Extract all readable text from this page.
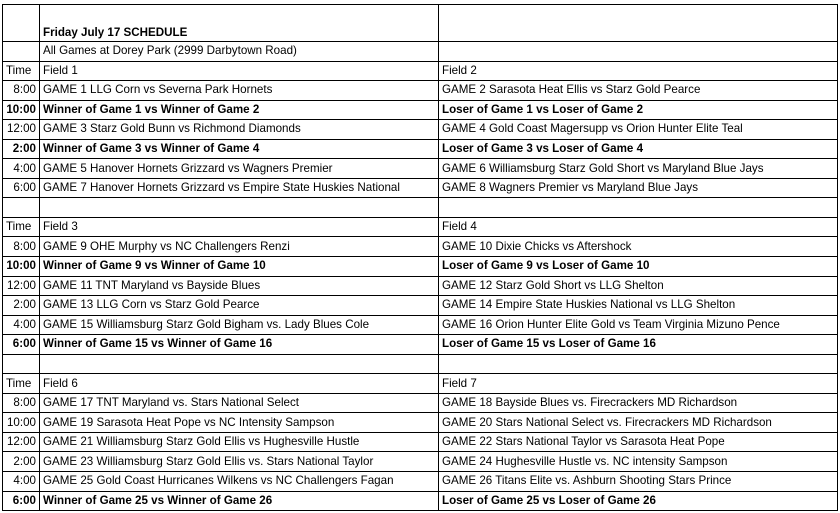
	Friday July 17 SCHEDULE	
	All Games at Dorey Park (2999 Darbytown Road)	
Time	Field 1	Field 2
8:00	GAME 1 LLG Corn vs Severna Park Hornets	GAME 2 Sarasota Heat Ellis vs Starz Gold Pearce
10:00	Winner of Game 1 vs Winner of Game 2	Loser of Game 1 vs Loser of Game 2
12:00	GAME 3 Starz Gold Bunn vs Richmond Diamonds	GAME 4 Gold Coast Magersupp vs Orion Hunter Elite Teal
2:00	Winner of Game 3 vs Winner of Game 4	Loser of Game 3 vs Loser of Game 4
4:00	GAME 5 Hanover Hornets Grizzard vs Wagners Premier	GAME 6 Williamsburg Starz Gold Short vs Maryland Blue Jays
6:00	GAME 7 Hanover Hornets Grizzard vs Empire State Huskies National	GAME 8 Wagners Premier vs Maryland Blue Jays

Time	Field 3	Field 4
8:00	GAME 9 OHE Murphy vs NC Challengers Renzi	GAME 10 Dixie Chicks vs Aftershock
10:00	Winner of Game 9 vs Winner of Game 10	Loser of Game 9 vs Loser of Game 10
12:00	GAME 11 TNT Maryland vs Bayside Blues	GAME 12 Starz Gold Short vs LLG Shelton
2:00	GAME 13 LLG Corn vs Starz Gold Pearce	GAME 14 Empire State Huskies National vs LLG Shelton
4:00	GAME 15 Williamsburg Starz Gold Bigham vs. Lady Blues Cole	GAME 16 Orion Hunter Elite Gold vs Team Virginia Mizuno Pence
6:00	Winner of Game 15 vs Winner of Game 16	Loser of Game 15 vs Loser of Game 16

Time	Field 6	Field 7
8:00	GAME 17 TNT Maryland vs. Stars National Select	GAME 18 Bayside Blues vs. Firecrackers MD Richardson
10:00	GAME 19 Sarasota Heat Pope vs NC Intensity Sampson	GAME 20 Stars National Select vs. Firecrackers MD Richardson
12:00	GAME 21 Williamsburg Starz Gold Ellis vs Hughesville Hustle	GAME 22 Stars National Taylor vs Sarasota Heat Pope
2:00	GAME 23 Williamsburg Starz Gold Ellis vs. Stars National Taylor	GAME 24 Hughesville Hustle vs. NC intensity Sampson
4:00	GAME 25 Gold Coast Hurricanes Wilkens vs NC Challengers Fagan	GAME 26 Titans Elite vs. Ashburn Shooting Stars Prince
6:00	Winner of Game 25 vs Winner of Game 26	Loser of Game 25 vs Loser of Game 26
